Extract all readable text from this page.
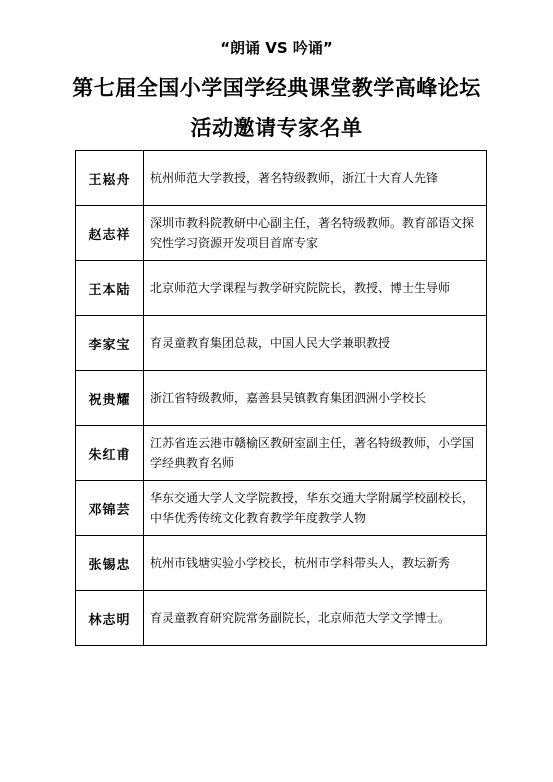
“朗诵 VS 吟诵”
第七届全国小学国学经典课堂教学高峰论坛
活动邀请专家名单
王崧舟	杭州师范大学教授，著名特级教师，浙江十大育人先锋
赵志祥	深圳市教科院教研中心副主任，著名特级教师。教育部语文探究性学习资源开发项目首席专家
王本陆	北京师范大学课程与教学研究院院长，教授、博士生导师
李家宝	育灵童教育集团总裁，中国人民大学兼职教授
祝贵耀	浙江省特级教师，嘉善县吴镇教育集团泗洲小学校长
朱红甫	江苏省连云港市赣榆区教研室副主任，著名特级教师，小学国学经典教育名师
邓锦芸	华东交通大学人文学院教授，华东交通大学附属学校副校长，中华优秀传统文化教育教学年度教学人物
张锡忠	杭州市钱塘实验小学校长，杭州市学科带头人，教坛新秀
林志明	育灵童教育研究院常务副院长，北京师范大学文学博士。
